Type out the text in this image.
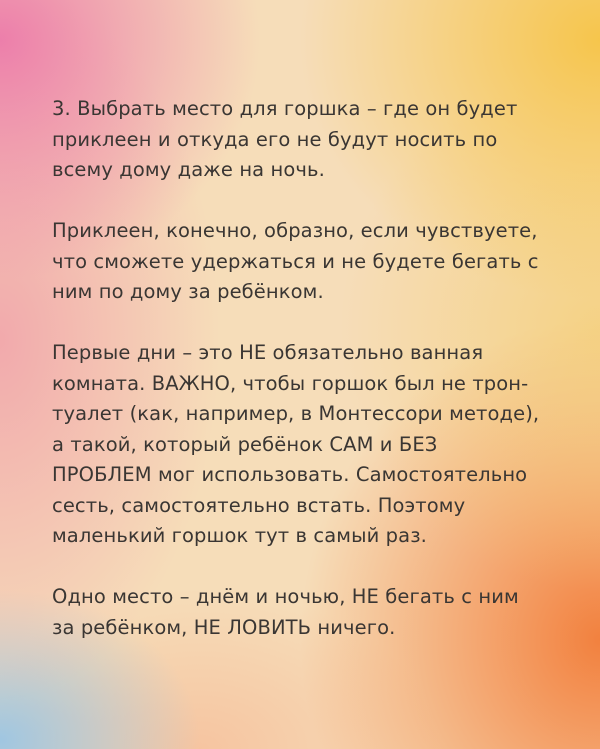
3. Выбрать место для горшка – где он будет
приклеен и откуда его не будут носить по
всему дому даже на ночь.

Приклеен, конечно, образно, если чувствуете,
что сможете удержаться и не будете бегать с
ним по дому за ребёнком.

Первые дни – это НЕ обязательно ванная
комната. ВАЖНО, чтобы горшок был не трон-
туалет (как, например, в Монтессори методе),
а такой, который ребёнок САМ и БЕЗ
ПРОБЛЕМ мог использовать. Самостоятельно
сесть, самостоятельно встать. Поэтому
маленький горшок тут в самый раз.

Одно место – днём и ночью, НЕ бегать с ним
за ребёнком, НЕ ЛОВИТЬ ничего.
